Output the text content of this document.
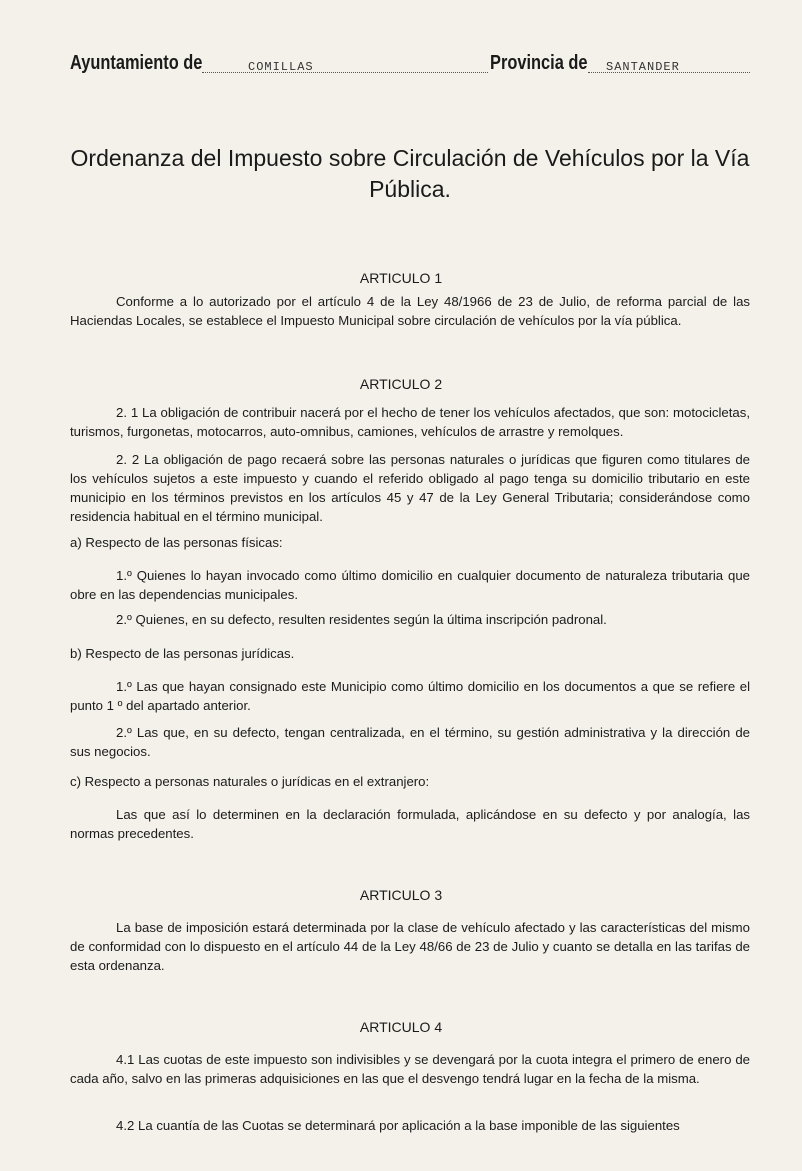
Ayuntamiento de	COMILLAS	Provincia de SANTANDER
Ordenanza del Impuesto sobre Circulación de Vehículos por la Vía Pública.
ARTICULO 1
Conforme a lo autorizado por el artículo 4 de la Ley 48/1966 de 23 de Julio, de reforma parcial de las Haciendas Locales, se establece el Impuesto Municipal sobre circulación de vehículos por la vía pública.
ARTICULO 2
2. 1 La obligación de contribuir nacerá por el hecho de tener los vehículos afectados, que son: motocicletas, turismos, furgonetas, motocarros, auto-omnibus, camiones, vehículos de arrastre y remolques.
2. 2 La obligación de pago recaerá sobre las personas naturales o jurídicas que figuren como titulares de los vehículos sujetos a este impuesto y cuando el referido obligado al pago tenga su domicilio tributario en este municipio en los términos previstos en los artículos 45 y 47 de la Ley General Tributaria; considerándose como residencia habitual en el término municipal.
a) Respecto de las personas físicas:
1.º Quienes lo hayan invocado como último domicilio en cualquier documento de naturaleza tributaria que obre en las dependencias municipales.
2.º Quienes, en su defecto, resulten residentes según la última inscripción padronal.
b) Respecto de las personas jurídicas.
1.º Las que hayan consignado este Municipio como último domicilio en los documentos a que se refiere el punto 1 º del apartado anterior.
2.º Las que, en su defecto, tengan centralizada, en el término, su gestión administrativa y la dirección de sus negocios.
c) Respecto a personas naturales o jurídicas en el extranjero:
Las que así lo determinen en la declaración formulada, aplicándose en su defecto y por analogía, las normas precedentes.
ARTICULO 3
La base de imposición estará determinada por la clase de vehículo afectado y las características del mismo de conformidad con lo dispuesto en el artículo 44 de la Ley 48/66 de 23 de Julio y cuanto se detalla en las tarifas de esta ordenanza.
ARTICULO 4
4.1 Las cuotas de este impuesto son indivisibles y se devengará por la cuota integra el primero de enero de cada año, salvo en las primeras adquisiciones en las que el desvengo tendrá lugar en la fecha de la misma.
4.2 La cuantía de las Cuotas se determinará por aplicación a la base imponible de las siguientes
